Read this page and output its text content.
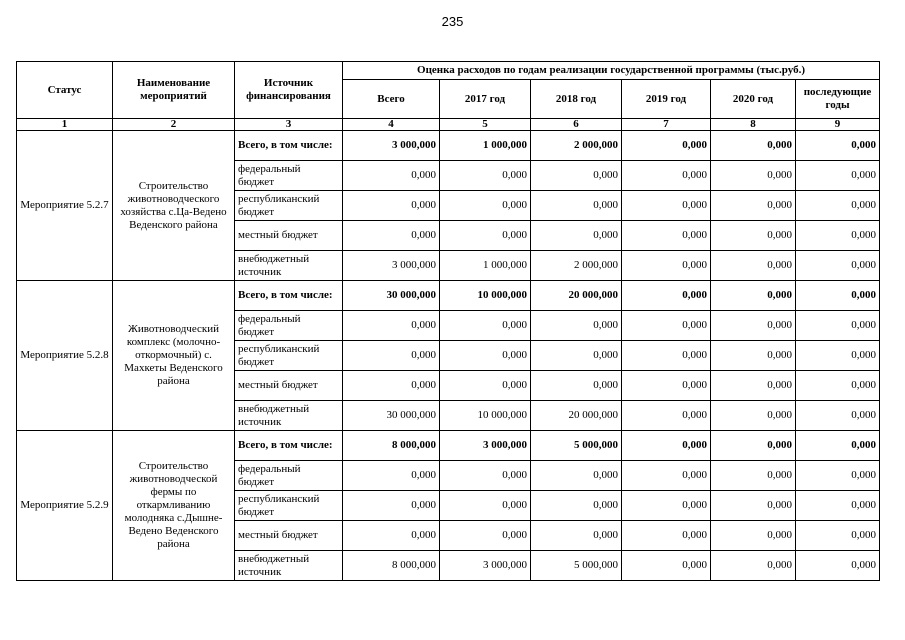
235
Статус	Наименование мероприятий	Источник финансирования	Оценка расходов по годам реализации государственной программы (тыс.руб.)					
			Всего	2017 год	2018 год	2019 год	2020 год	последующие годы
1	2	3	4	5	6	7	8	9
Мероприятие 5.2.7	Строительство животноводческого хозяйства с.Ца-Ведено Веденского района	Всего, в том числе:	3 000,000	1 000,000	2 000,000	0,000	0,000	0,000
		федеральный бюджет	0,000	0,000	0,000	0,000	0,000	0,000
		республиканский бюджет	0,000	0,000	0,000	0,000	0,000	0,000
		местный бюджет	0,000	0,000	0,000	0,000	0,000	0,000
		внебюджетный источник	3 000,000	1 000,000	2 000,000	0,000	0,000	0,000
Мероприятие 5.2.8	Животноводческий комплекс (молочно-откормочный) с. Махкеты Веденского района	Всего, в том числе:	30 000,000	10 000,000	20 000,000	0,000	0,000	0,000
		федеральный бюджет	0,000	0,000	0,000	0,000	0,000	0,000
		республиканский бюджет	0,000	0,000	0,000	0,000	0,000	0,000
		местный бюджет	0,000	0,000	0,000	0,000	0,000	0,000
		внебюджетный источник	30 000,000	10 000,000	20 000,000	0,000	0,000	0,000
Мероприятие 5.2.9	Строительство животноводческой фермы по откармливанию молодняка с.Дышне-Ведено Веденского района	Всего, в том числе:	8 000,000	3 000,000	5 000,000	0,000	0,000	0,000
		федеральный бюджет	0,000	0,000	0,000	0,000	0,000	0,000
		республиканский бюджет	0,000	0,000	0,000	0,000	0,000	0,000
		местный бюджет	0,000	0,000	0,000	0,000	0,000	0,000
		внебюджетный источник	8 000,000	3 000,000	5 000,000	0,000	0,000	0,000
